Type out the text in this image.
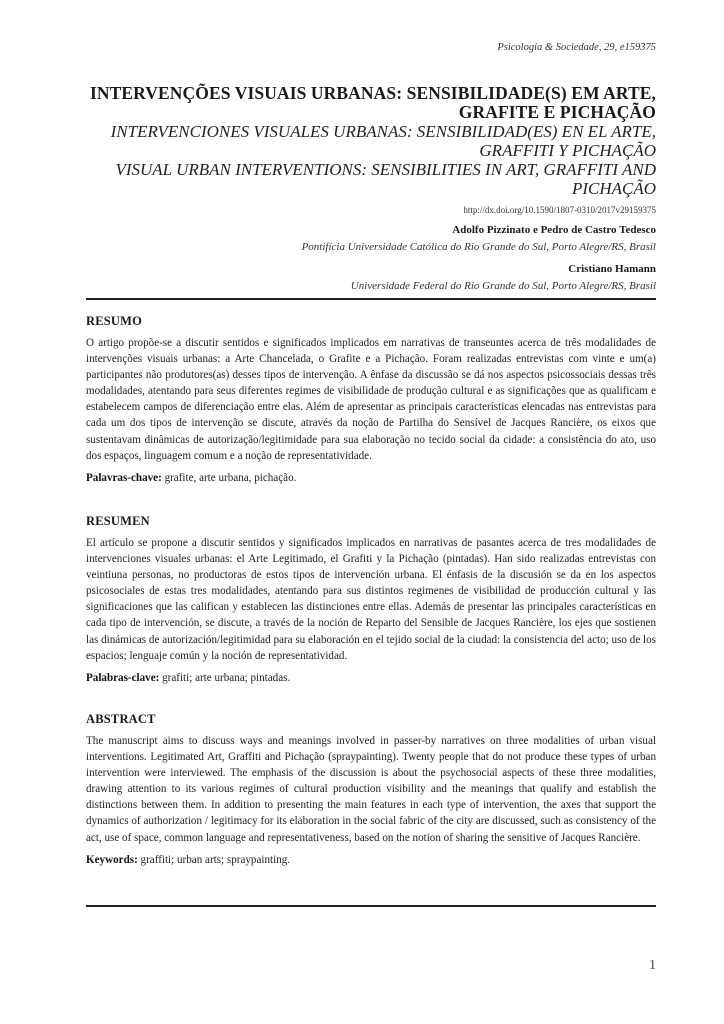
Psicologia & Sociedade, 29, e159375
INTERVENÇÕES VISUAIS URBANAS: SENSIBILIDADE(S) EM ARTE,
GRAFITE E PICHAÇÃO
INTERVENCIONES VISUALES URBANAS: SENSIBILIDAD(ES) EN EL ARTE,
GRAFFITI Y PICHAÇÃO
VISUAL URBAN INTERVENTIONS: SENSIBILITIES IN ART, GRAFFITI AND
PICHAÇÃO
http://dx.doi.org/10.1590/1807-0310/2017v29159375
Adolfo Pizzinato e Pedro de Castro Tedesco
Pontifícia Universidade Católica do Rio Grande do Sul, Porto Alegre/RS, Brasil
Cristiano Hamann
Universidade Federal do Rio Grande do Sul, Porto Alegre/RS, Brasil
RESUMO

O artigo propõe-se a discutir sentidos e significados implicados em narrativas de transeuntes acerca de três modalidades de intervenções visuais urbanas: a Arte Chancelada, o Grafite e a Pichação. Foram realizadas entrevistas com vinte e um(a) participantes não produtores(as) desses tipos de intervenção. A ênfase da discussão se dá nos aspectos psicossociais dessas três modalidades, atentando para seus diferentes regimes de visibilidade de produção cultural e as significações que as qualificam e estabelecem campos de diferenciação entre elas. Além de apresentar as principais características elencadas nas entrevistas para cada um dos tipos de intervenção se discute, através da noção de Partilha do Sensível de Jacques Rancière, os eixos que sustentavam dinâmicas de autorização/legitimidade para sua elaboração no tecido social da cidade: a consistência do ato, uso dos espaços, linguagem comum e a noção de representatividade.

Palavras-chave: grafite, arte urbana, pichação.

RESUMEN

El artículo se propone a discutir sentidos y significados implicados en narrativas de pasantes acerca de tres modalidades de intervenciones visuales urbanas: el Arte Legitimado, el Grafiti y la Pichação (pintadas). Han sido realizadas entrevistas con veintiuna personas, no productoras de estos tipos de intervención urbana. El énfasis de la discusión se da en los aspectos psicosociales de estas tres modalidades, atentando para sus distintos regimenes de visibilidad de producción cultural y las significaciones que las califican y establecen las distinciones entre ellas. Además de presentar las principales características en cada tipo de intervención, se discute, a través de la noción de Reparto del Sensible de Jacques Rancière, los ejes que sostienen las dinámicas de autorización/legitimidad para su elaboración en el tejido social de la ciudad: la consistencia del acto; uso de los espacios; lenguaje común y la noción de representatividad.

Palabras-clave: grafiti; arte urbana; pintadas.

ABSTRACT

The manuscript aims to discuss ways and meanings involved in passer-by narratives on three modalities of urban visual interventions. Legitimated Art, Graffiti and Pichação (spraypainting). Twenty people that do not produce these types of urban intervention were interviewed. The emphasis of the discussion is about the psychosocial aspects of these three modalities, drawing attention to its various regimes of cultural production visibility and the meanings that qualify and establish the distinctions between them. In addition to presenting the main features in each type of intervention, the axes that support the dynamics of authorization / legitimacy for its elaboration in the social fabric of the city are discussed, such as consistency of the act, use of space, common language and representativeness, based on the notion of sharing the sensitive of Jacques Rancière.

Keywords: graffiti; urban arts; spraypainting.

1
